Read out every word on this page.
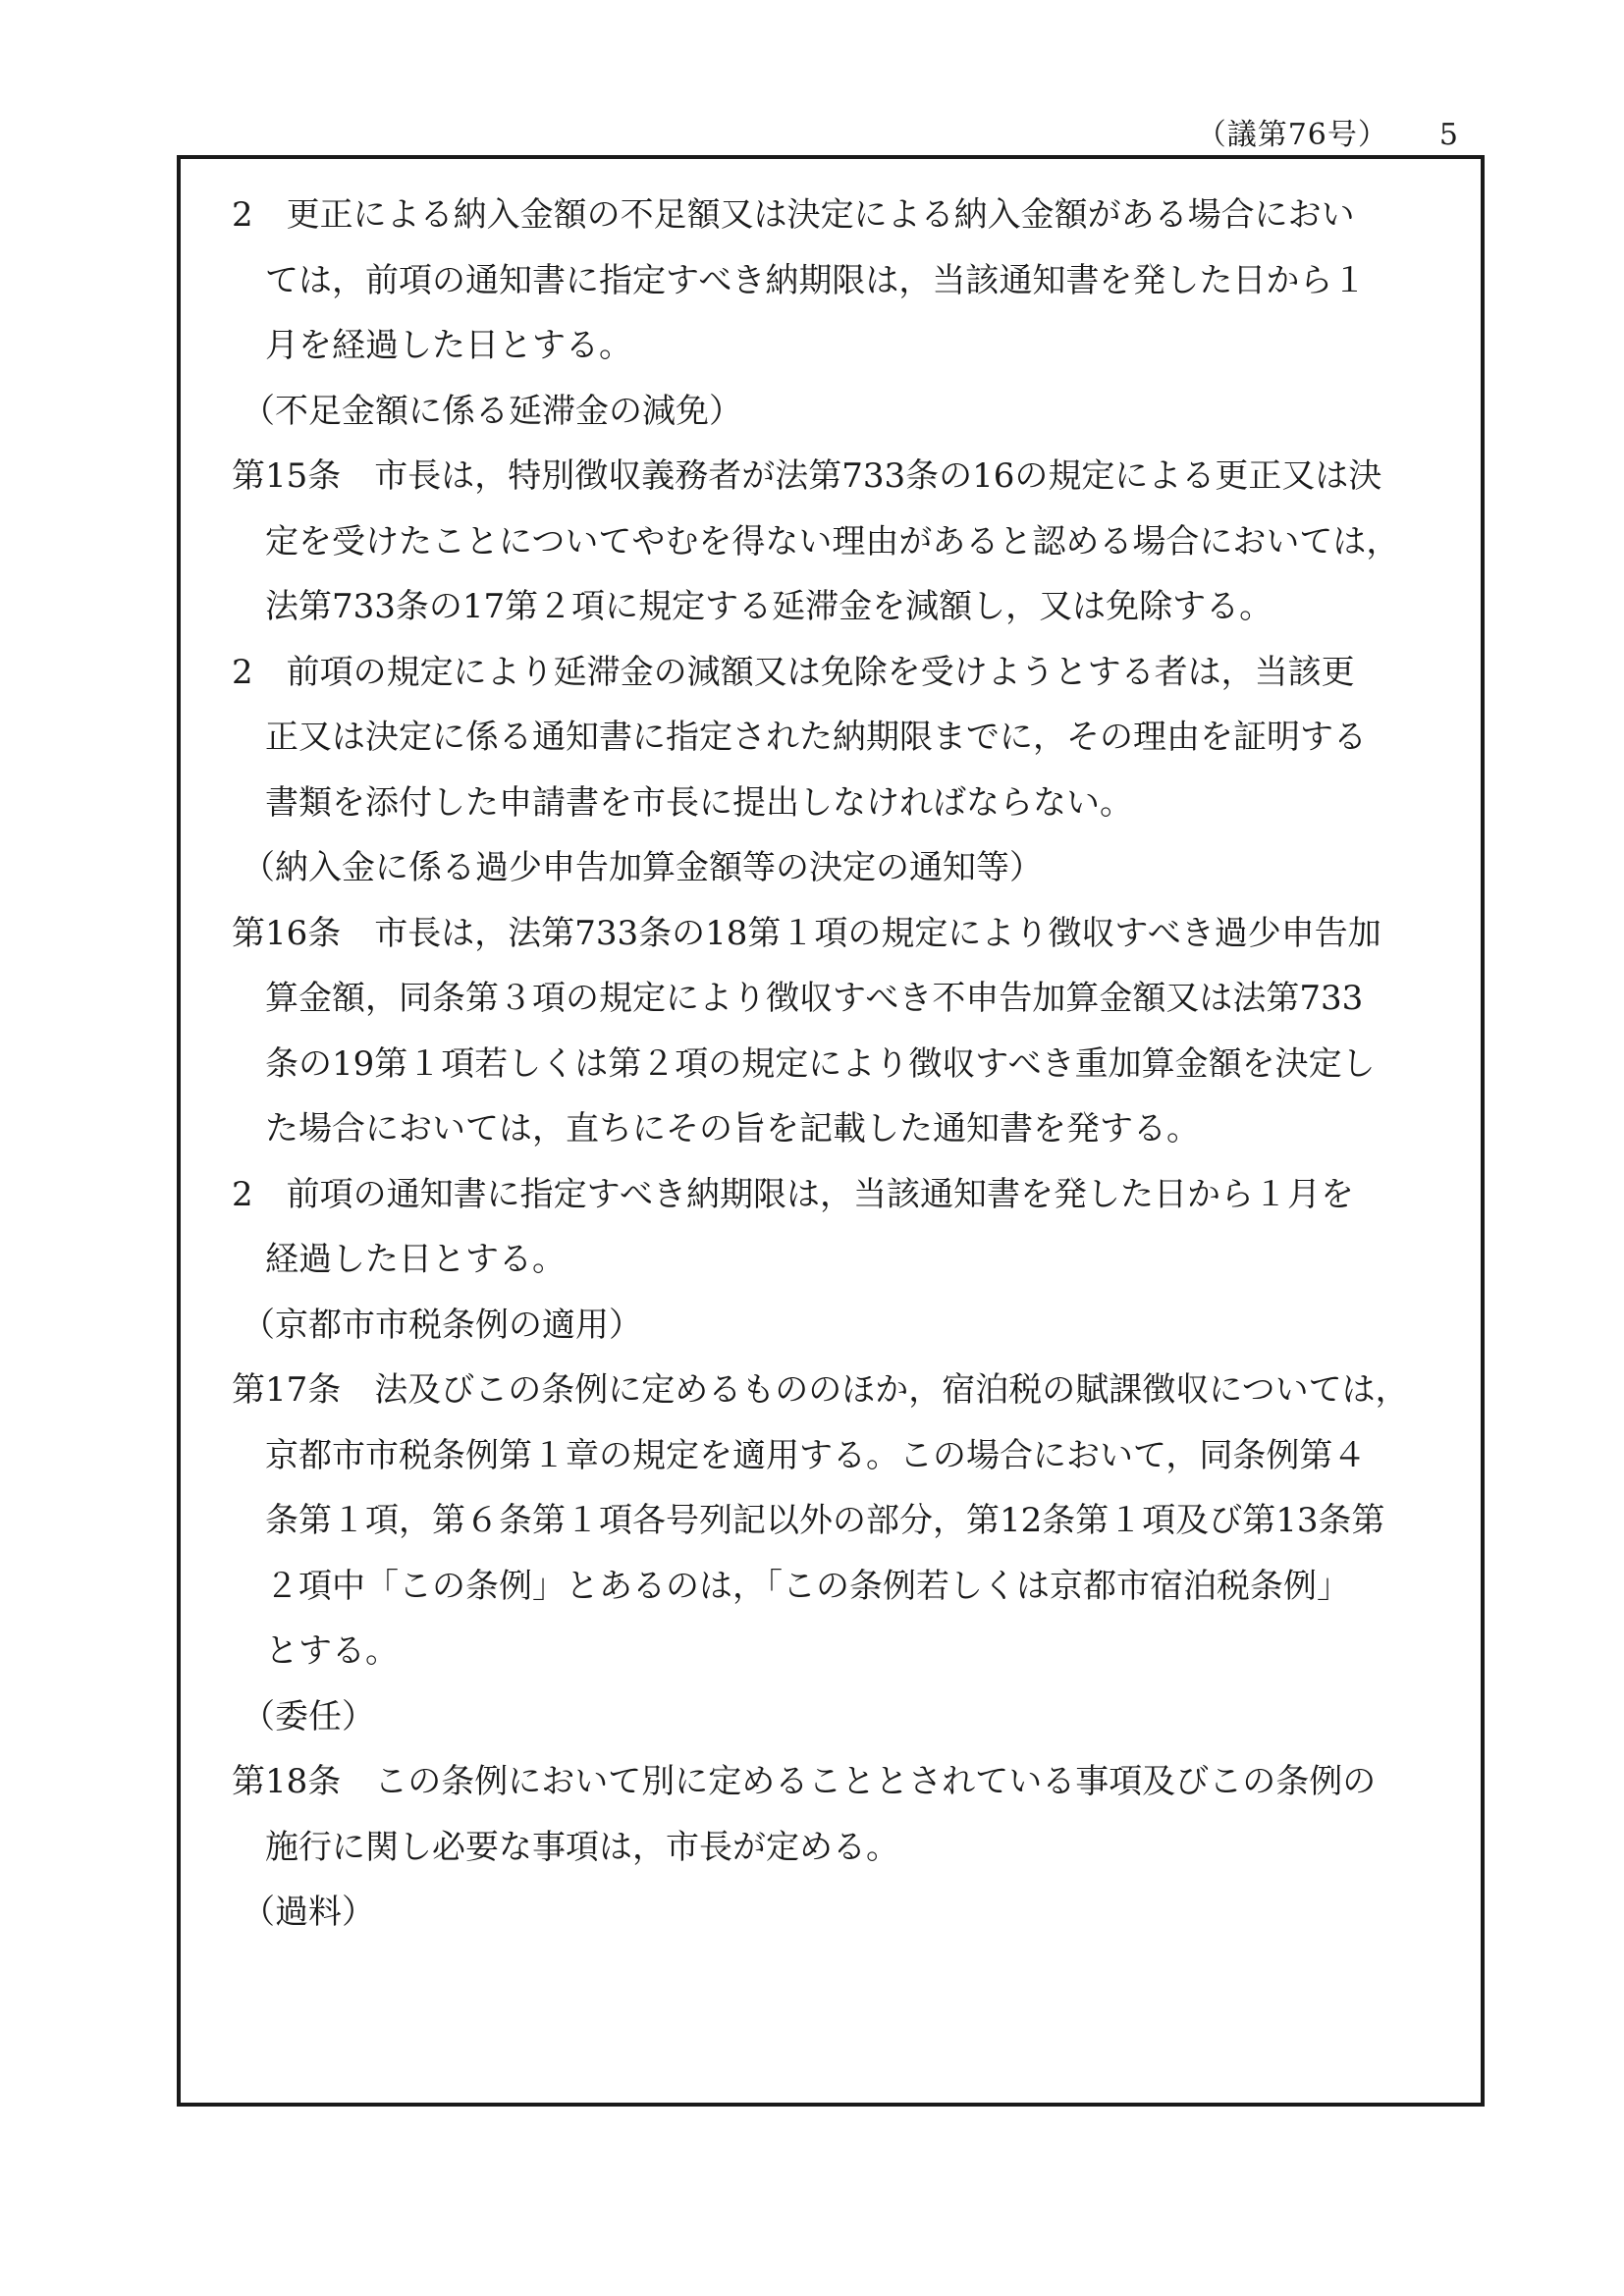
（議第76号） 5
2　更正による納入金額の不足額又は決定による納入金額がある場合におい
ては，前項の通知書に指定すべき納期限は，当該通知書を発した日から１
月を経過した日とする。
（不足金額に係る延滞金の減免）
第15条　市長は，特別徴収義務者が法第733条の16の規定による更正又は決
定を受けたことについてやむを得ない理由があると認める場合においては，
法第733条の17第２項に規定する延滞金を減額し，又は免除する。
2　前項の規定により延滞金の減額又は免除を受けようとする者は，当該更
正又は決定に係る通知書に指定された納期限までに，その理由を証明する
書類を添付した申請書を市長に提出しなければならない。
（納入金に係る過少申告加算金額等の決定の通知等）
第16条　市長は，法第733条の18第１項の規定により徴収すべき過少申告加
算金額，同条第３項の規定により徴収すべき不申告加算金額又は法第733
条の19第１項若しくは第２項の規定により徴収すべき重加算金額を決定し
た場合においては，直ちにその旨を記載した通知書を発する。
2　前項の通知書に指定すべき納期限は，当該通知書を発した日から１月を
経過した日とする。
（京都市市税条例の適用）
第17条　法及びこの条例に定めるもののほか，宿泊税の賦課徴収については，
京都市市税条例第１章の規定を適用する。この場合において，同条例第４
条第１項，第６条第１項各号列記以外の部分，第12条第１項及び第13条第
２項中「この条例」とあるのは，「この条例若しくは京都市宿泊税条例」
とする。
（委任）
第18条　この条例において別に定めることとされている事項及びこの条例の
施行に関し必要な事項は，市長が定める。
（過料）
